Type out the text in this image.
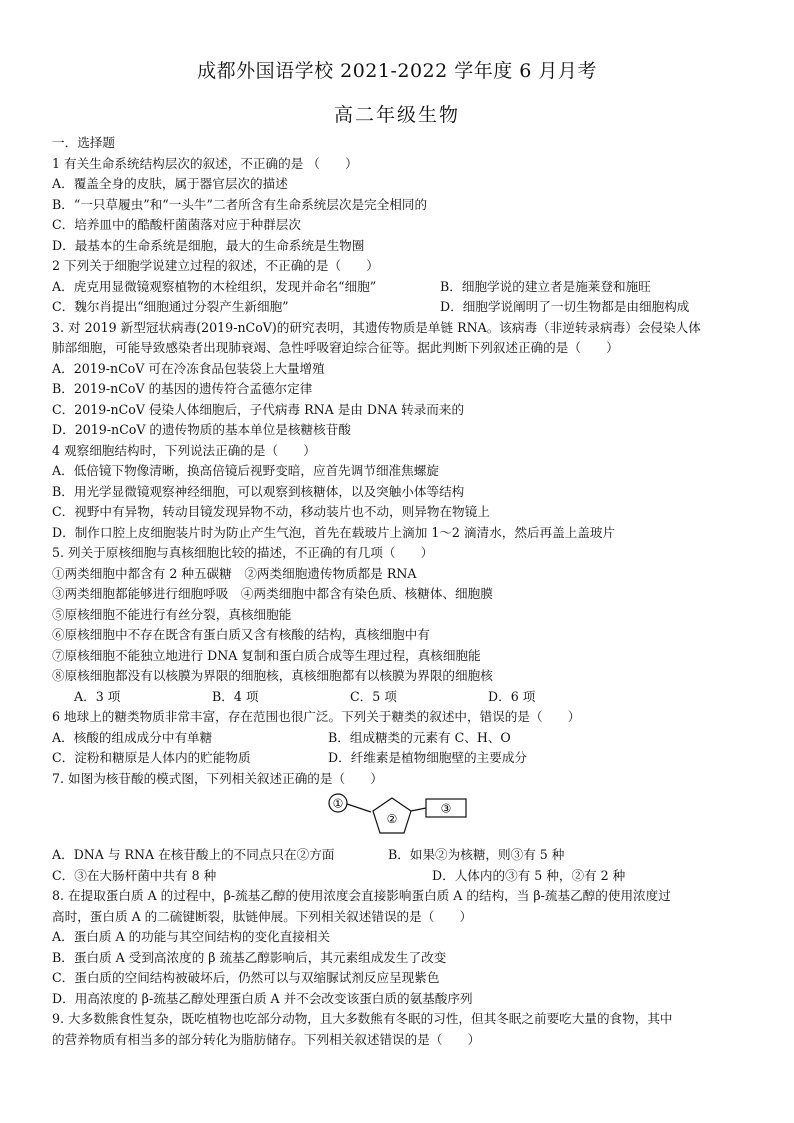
成都外国语学校 2021-2022 学年度 6 月月考
高二年级生物
一．选择题
1 有关生命系统结构层次的叙述，不正确的是 （　　）
A．覆盖全身的皮肤，属于器官层次的描述
B．“一只草履虫”和“一头牛”二者所含有生命系统层次是完全相同的
C．培养皿中的酷酸杆菌菌落对应于种群层次
D．最基本的生命系统是细胞，最大的生命系统是生物圈
2 下列关于细胞学说建立过程的叙述，不正确的是（　　）
A．虎克用显微镜观察植物的木栓组织，发现并命名“细胞”	B．细胞学说的建立者是施莱登和施旺
C．魏尔肖提出“细胞通过分裂产生新细胞”	D．细胞学说阐明了一切生物都是由细胞构成
3. 对 2019 新型冠状病毒(2019-nCoV)的研究表明，其遗传物质是单链 RNA。该病毒（非逆转录病毒）会侵染人体
肺部细胞，可能导致感染者出现肺衰竭、急性呼吸窘迫综合征等。据此判断下列叙述正确的是（　　）
A．2019-nCoV 可在冷冻食品包装袋上大量增殖
B．2019-nCoV 的基因的遗传符合孟德尔定律
C．2019-nCoV 侵染人体细胞后，子代病毒 RNA 是由 DNA 转录而来的
D．2019-nCoV 的遗传物质的基本单位是核糖核苷酸
4 观察细胞结构时，下列说法正确的是（　　）
A．低倍镜下物像清晰，换高倍镜后视野变暗，应首先调节细准焦螺旋
B．用光学显微镜观察神经细胞，可以观察到核糖体，以及突触小体等结构
C．视野中有异物，转动目镜发现异物不动，移动装片也不动，则异物在物镜上
D．制作口腔上皮细胞装片时为防止产生气泡，首先在载玻片上滴加 1～2 滴清水，然后再盖上盖玻片
5. 列关于原核细胞与真核细胞比较的描述，不正确的有几项（　　）
①两类细胞中都含有 2 种五碳糖　②两类细胞遗传物质都是 RNA
③两类细胞都能够进行细胞呼吸　④两类细胞中都含有染色质、核糖体、细胞膜
⑤原核细胞不能进行有丝分裂，真核细胞能
⑥原核细胞中不存在既含有蛋白质又含有核酸的结构，真核细胞中有
⑦原核细胞不能独立地进行 DNA 复制和蛋白质合成等生理过程，真核细胞能
⑧原核细胞都没有以核膜为界限的细胞核，真核细胞都有以核膜为界限的细胞核
A．3 项	B．4 项	C．5 项	D．6 项
6 地球上的糖类物质非常丰富，存在范围也很广泛。下列关于糖类的叙述中，错误的是（　　）
A．核酸的组成成分中有单糖	B．组成糖类的元素有 C、H、O
C．淀粉和糖原是人体内的贮能物质	D．纤维素是植物细胞壁的主要成分
7. 如图为核苷酸的模式图，下列相关叙述正确的是（　　）
①
②
③
A．DNA 与 RNA 在核苷酸上的不同点只在②方面	B．如果②为核糖，则③有 5 种
C．③在大肠杆菌中共有 8 种	D．人体内的③有 5 种，②有 2 种
8. 在提取蛋白质 A 的过程中，β-巯基乙醇的使用浓度会直接影响蛋白质 A 的结构，当 β-巯基乙醇的使用浓度过
高时，蛋白质 A 的二硫键断裂，肽链伸展。下列相关叙述错误的是（　　）
A．蛋白质 A 的功能与其空间结构的变化直接相关
B．蛋白质 A 受到高浓度的 β 巯基乙醇影响后，其元素组成发生了改变
C．蛋白质的空间结构被破坏后，仍然可以与双缩脲试剂反应呈现紫色
D．用高浓度的 β-巯基乙醇处理蛋白质 A 并不会改变该蛋白质的氨基酸序列
9. 大多数熊食性复杂，既吃植物也吃部分动物，且大多数熊有冬眠的习性，但其冬眠之前要吃大量的食物，其中
的营养物质有相当多的部分转化为脂肪储存。下列相关叙述错误的是（　　）
